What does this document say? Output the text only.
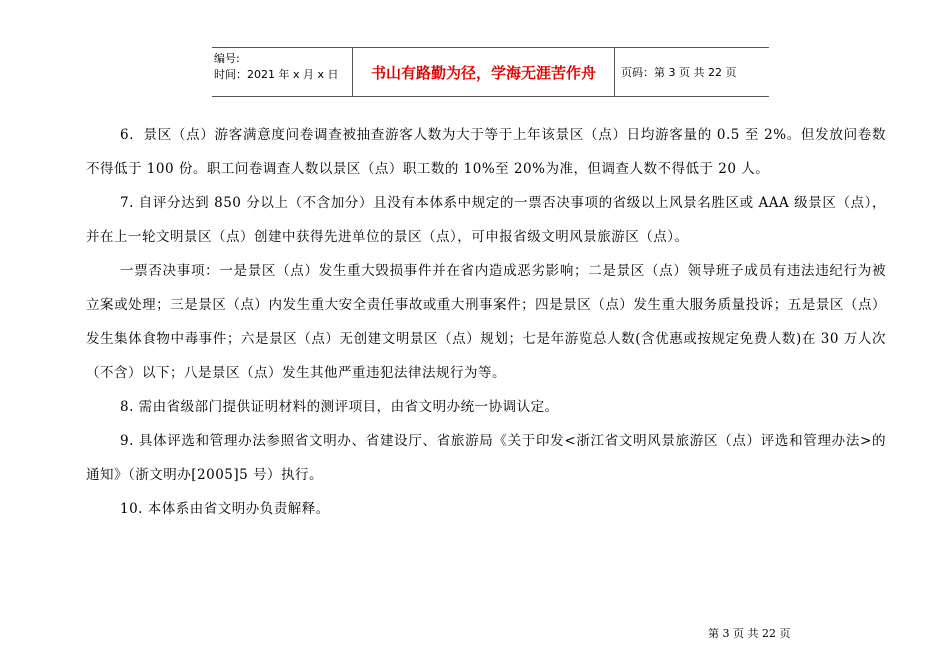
编号:
时间：2021 年 x 月 x 日	书山有路勤为径，学海无涯苦作舟	页码：第 3 页 共 22 页

6．景区（点）游客满意度问卷调查被抽查游客人数为大于等于上年该景区（点）日均游客量的 0.5 至 2%。但发放问卷数不得低于 100 份。职工问卷调查人数以景区（点）职工数的 10%至 20%为准，但调查人数不得低于 20 人。

7. 自评分达到 850 分以上（不含加分）且没有本体系中规定的一票否决事项的省级以上风景名胜区或 AAA 级景区（点），并在上一轮文明景区（点）创建中获得先进单位的景区（点），可申报省级文明风景旅游区（点）。

一票否决事项：一是景区（点）发生重大毁损事件并在省内造成恶劣影响；二是景区（点）领导班子成员有违法违纪行为被立案或处理；三是景区（点）内发生重大安全责任事故或重大刑事案件；四是景区（点）发生重大服务质量投诉；五是景区（点）发生集体食物中毒事件；六是景区（点）无创建文明景区（点）规划；七是年游览总人数(含优惠或按规定免费人数)在 30 万人次（不含）以下；八是景区（点）发生其他严重违犯法律法规行为等。

8. 需由省级部门提供证明材料的测评项目，由省文明办统一协调认定。

9. 具体评选和管理办法参照省文明办、省建设厅、省旅游局《关于印发<浙江省文明风景旅游区（点）评选和管理办法>的通知》（浙文明办[2005]5 号）执行。

10. 本体系由省文明办负责解释。

第 3 页 共 22 页
